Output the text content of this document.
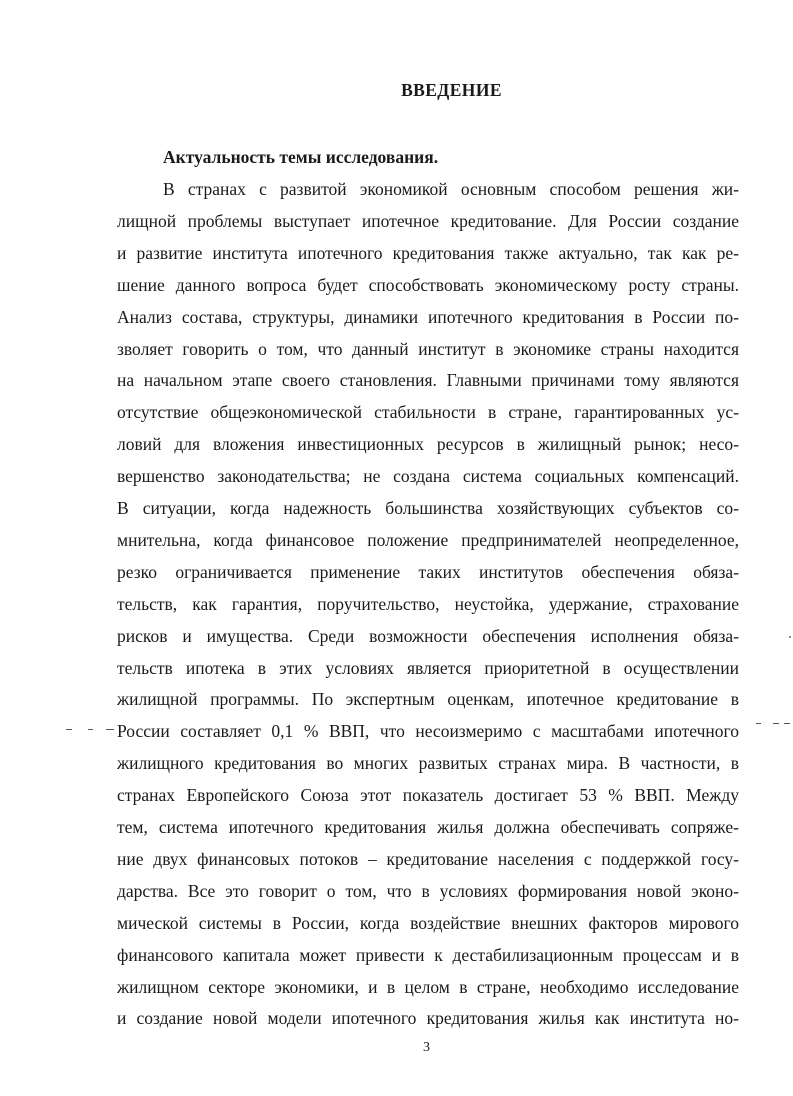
ВВЕДЕНИЕ
Актуальность темы исследования.
В странах с развитой экономикой основным способом решения жи-
лищной проблемы выступает ипотечное кредитование. Для России создание
и развитие института ипотечного кредитования также актуально, так как ре-
шение данного вопроса будет способствовать экономическому росту страны.
Анализ состава, структуры, динамики ипотечного кредитования в России по-
зволяет говорить о том, что данный институт в экономике страны находится
на начальном этапе своего становления. Главными причинами тому являются
отсутствие общеэкономической стабильности в стране, гарантированных ус-
ловий для вложения инвестиционных ресурсов в жилищный рынок; несо-
вершенство законодательства; не создана система социальных компенсаций.
В ситуации, когда надежность большинства хозяйствующих субъектов со-
мнительна, когда финансовое положение предпринимателей неопределенное,
резко ограничивается применение таких институтов обеспечения обяза-
тельств, как гарантия, поручительство, неустойка, удержание, страхование
рисков и имущества. Среди возможности обеспечения исполнения обяза-
тельств ипотека в этих условиях является приоритетной в осуществлении
жилищной программы. По экспертным оценкам, ипотечное кредитование в
России составляет 0,1 % ВВП, что несоизмеримо с масштабами ипотечного
жилищного кредитования во многих развитых странах мира. В частности, в
странах Европейского Союза этот показатель достигает 53 % ВВП. Между
тем, система ипотечного кредитования жилья должна обеспечивать сопряже-
ние двух финансовых потоков – кредитование населения с поддержкой госу-
дарства. Все это говорит о том, что в условиях формирования новой эконо-
мической системы в России, когда воздействие внешних факторов мирового
финансового капитала может привести к дестабилизационным процессам и в
жилищном секторе экономики, и в целом в стране, необходимо исследование
и создание новой модели ипотечного кредитования жилья как института но-
3
